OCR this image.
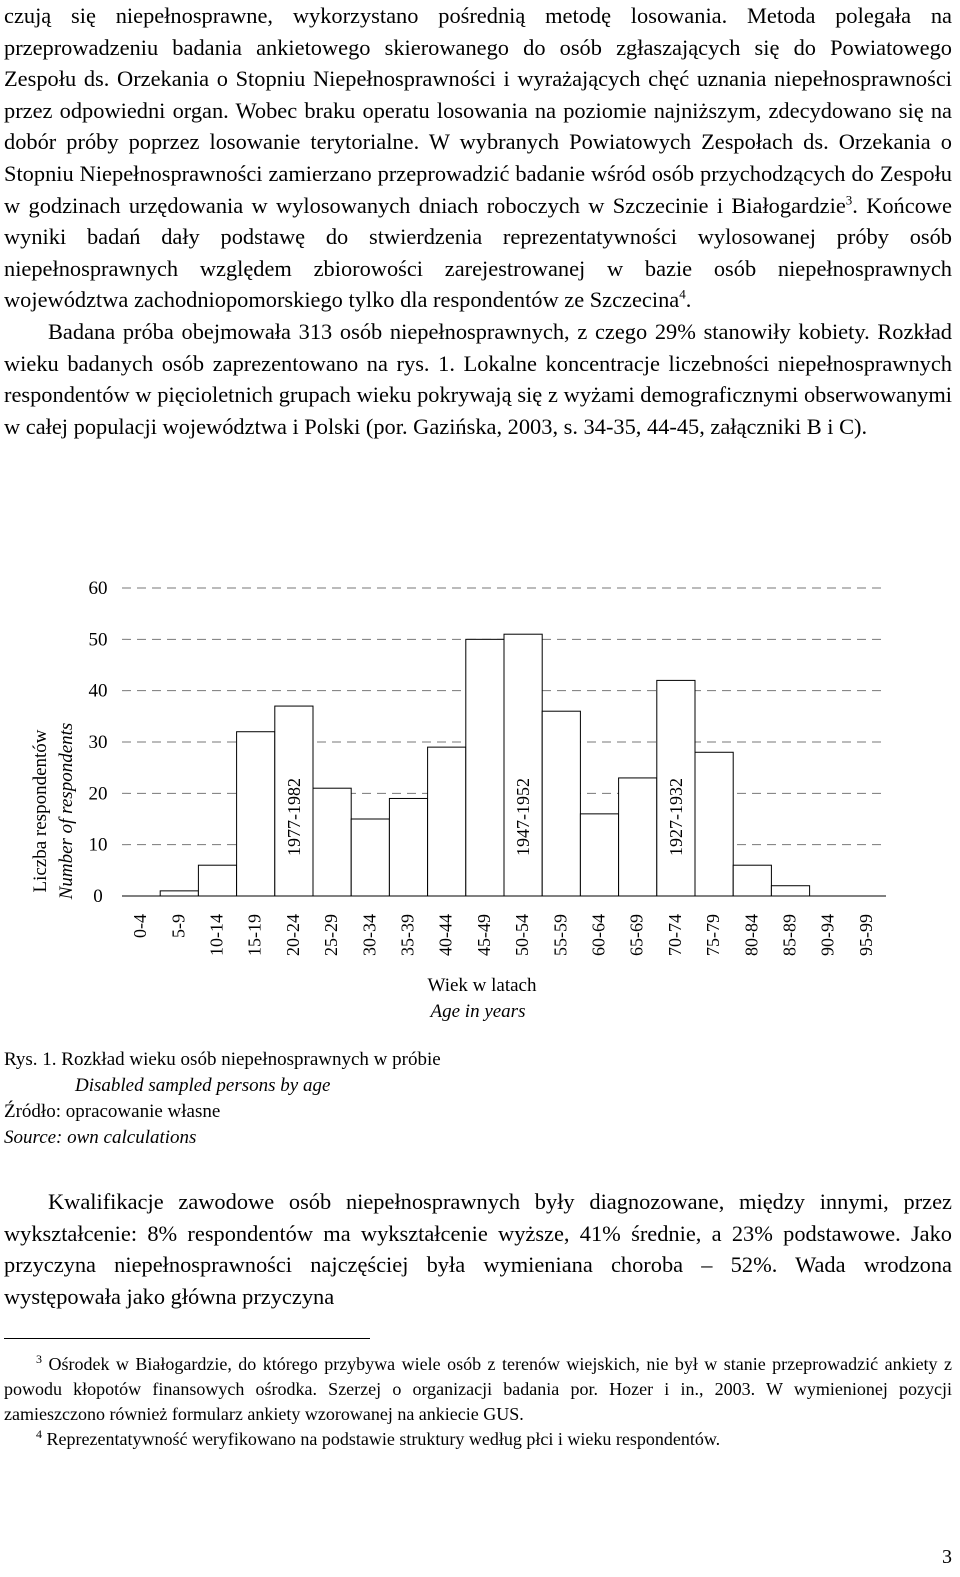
czują się niepełnosprawne, wykorzystano pośrednią metodę losowania. Metoda polegała na przeprowadzeniu badania ankietowego skierowanego do osób zgłaszających się do Powiatowego Zespołu ds. Orzekania o Stopniu Niepełnosprawności i wyrażających chęć uznania niepełnosprawności przez odpowiedni organ. Wobec braku operatu losowania na poziomie najniższym, zdecydowano się na dobór próby poprzez losowanie terytorialne. W wybranych Powiatowych Zespołach ds. Orzekania o Stopniu Niepełnosprawności zamierzano przeprowadzić badanie wśród osób przychodzących do Zespołu w godzinach urzędowania w wylosowanych dniach roboczych w Szczecinie i Białogardzie$^3$. Końcowe wyniki badań dały podstawę do stwierdzenia reprezentatywności wylosowanej próby osób niepełnosprawnych względem zbiorowości zarejestrowanej w bazie osób niepełnosprawnych województwa zachodniopomorskiego tylko dla respondentów ze Szczecina$^4$.

Badana próba obejmowała 313 osób niepełnosprawnych, z czego 29% stanowiły kobiety. Rozkład wieku badanych osób zaprezentowano na rys. 1. Lokalne koncentracje liczebności niepełnosprawnych respondentów w pięcioletnich grupach wieku pokrywają się z wyżami demograficznymi obserwowanymi w całej populacji województwa i Polski (por. Gazińska, 2003, s. 34-35, 44-45, załączniki B i C).

0
10
20
30
40
50
60
0-4 5-9 10-14 15-19 20-24 25-29 30-34 35-39 40-44 45-49 50-54 55-59 60-64 65-69 70-74 75-79 80-84 85-89 90-94 95-99
1977-1982	1947-1952	1927-1932
Liczba respondentów Number of respondents
Wiek w latach
Age in years
Rys. 1. Rozkład wieku osób niepełnosprawnych w próbie
Disabled sampled persons by age
Źródło: opracowanie własne
Source: own calculations

Kwalifikacje zawodowe osób niepełnosprawnych były diagnozowane, między innymi, przez wykształcenie: 8% respondentów ma wykształcenie wyższe, 41% średnie, a 23% podstawowe. Jako przyczyna niepełnosprawności najczęściej była wymieniana choroba – 52%. Wada wrodzona występowała jako główna przyczyna

$^3$ Ośrodek w Białogardzie, do którego przybywa wiele osób z terenów wiejskich, nie był w stanie przeprowadzić ankiety z powodu kłopotów finansowych ośrodka. Szerzej o organizacji badania por. Hozer i in., 2003. W wymienionej pozycji zamieszczono również formularz ankiety wzorowanej na ankiecie GUS.

$^4$ Reprezentatywność weryfikowano na podstawie struktury według płci i wieku respondentów.

3
